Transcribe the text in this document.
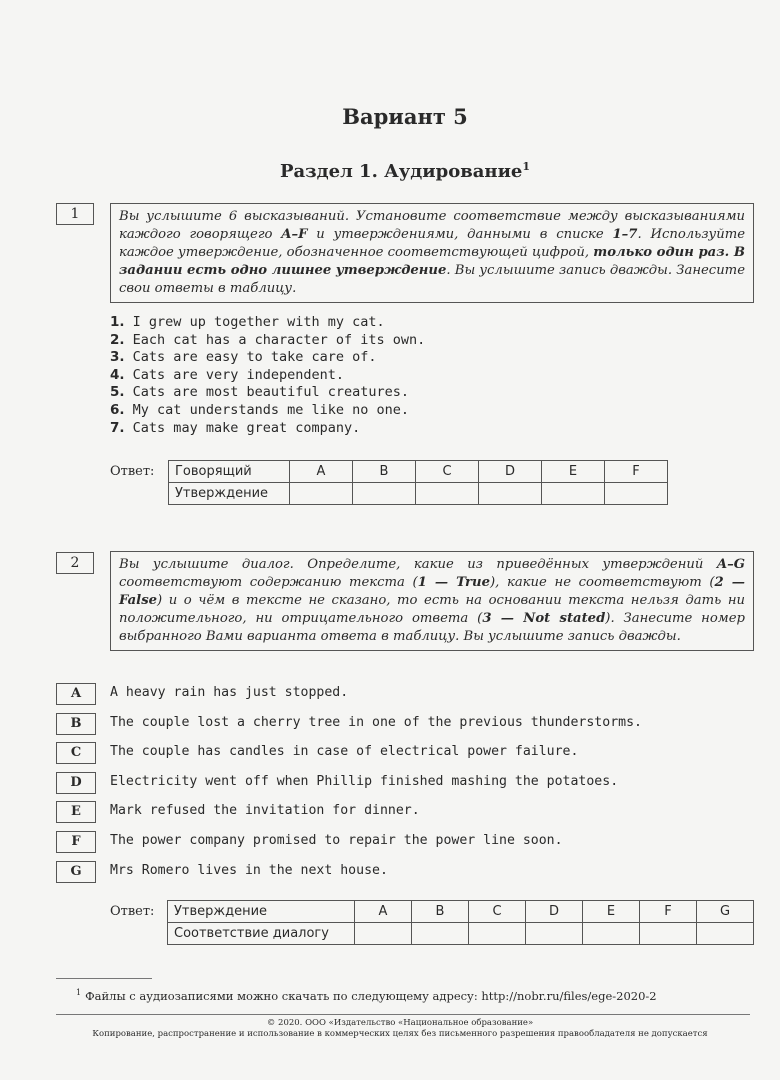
Вариант 5
Раздел 1. Аудирование$^1$
1	Вы услышите 6 высказываний. Установите соответствие между высказываниями каждого говорящего A–F и утверждениями, данными в списке 1–7. Используйте каждое утверждение, обозначенное соответствующей цифрой, только один раз. В задании есть одно лишнее утверждение. Вы услышите запись дважды. Занесите свои ответы в таблицу.
1. I grew up together with my cat.
2. Each cat has a character of its own.
3. Cats are easy to take care of.
4. Cats are very independent.
5. Cats are most beautiful creatures.
6. My cat understands me like no one.
7. Cats may make great company.
Ответ: Говорящий	A	B	C	D	E	F
Утверждение						
2	Вы услышите диалог. Определите, какие из приведённых утверждений A–G соответствуют содержанию текста (1 — True), какие не соответствуют (2 — False) и о чём в тексте не сказано, то есть на основании текста нельзя дать ни положительного, ни отрицательного ответа (3 — Not stated). Занесите номер выбранного Вами варианта ответа в таблицу. Вы услышите запись дважды.
A	A heavy rain has just stopped.
B	The couple lost a cherry tree in one of the previous thunderstorms.
C	The couple has candles in case of electrical power failure.
D	Electricity went off when Phillip finished mashing the potatoes.
E	Mark refused the invitation for dinner.
F	The power company promised to repair the power line soon.
G	Mrs Romero lives in the next house.
Ответ: Утверждение	A	B	C	D	E	F	G
Соответствие диалогу							
$^1$ Файлы с аудиозаписями можно скачать по следующему адресу: http://nobr.ru/files/ege-2020-2
© 2020. ООО «Издательство «Национальное образование»
Копирование, распространение и использование в коммерческих целях без письменного разрешения правообладателя не допускается
